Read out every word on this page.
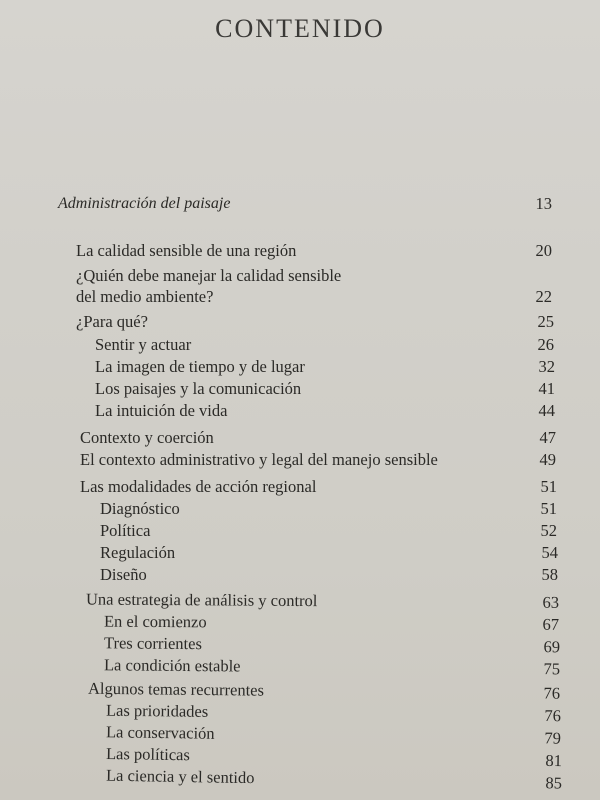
CONTENIDO
Administración del paisaje	13
La calidad sensible de una región	20
¿Quién debe manejar la calidad sensible
del medio ambiente?	22
¿Para qué?	25
Sentir y actuar	26
La imagen de tiempo y de lugar	32
Los paisajes y la comunicación	41
La intuición de vida	44
Contexto y coerción	47
El contexto administrativo y legal del manejo sensible	49
Las modalidades de acción regional	51
Diagnóstico	51
Política	52
Regulación	54
Diseño	58
Una estrategia de análisis y control	63
En el comienzo	67
Tres corrientes	69
La condición estable	75
Algunos temas recurrentes	76
Las prioridades	76
La conservación	79
Las políticas	81
La ciencia y el sentido	85
